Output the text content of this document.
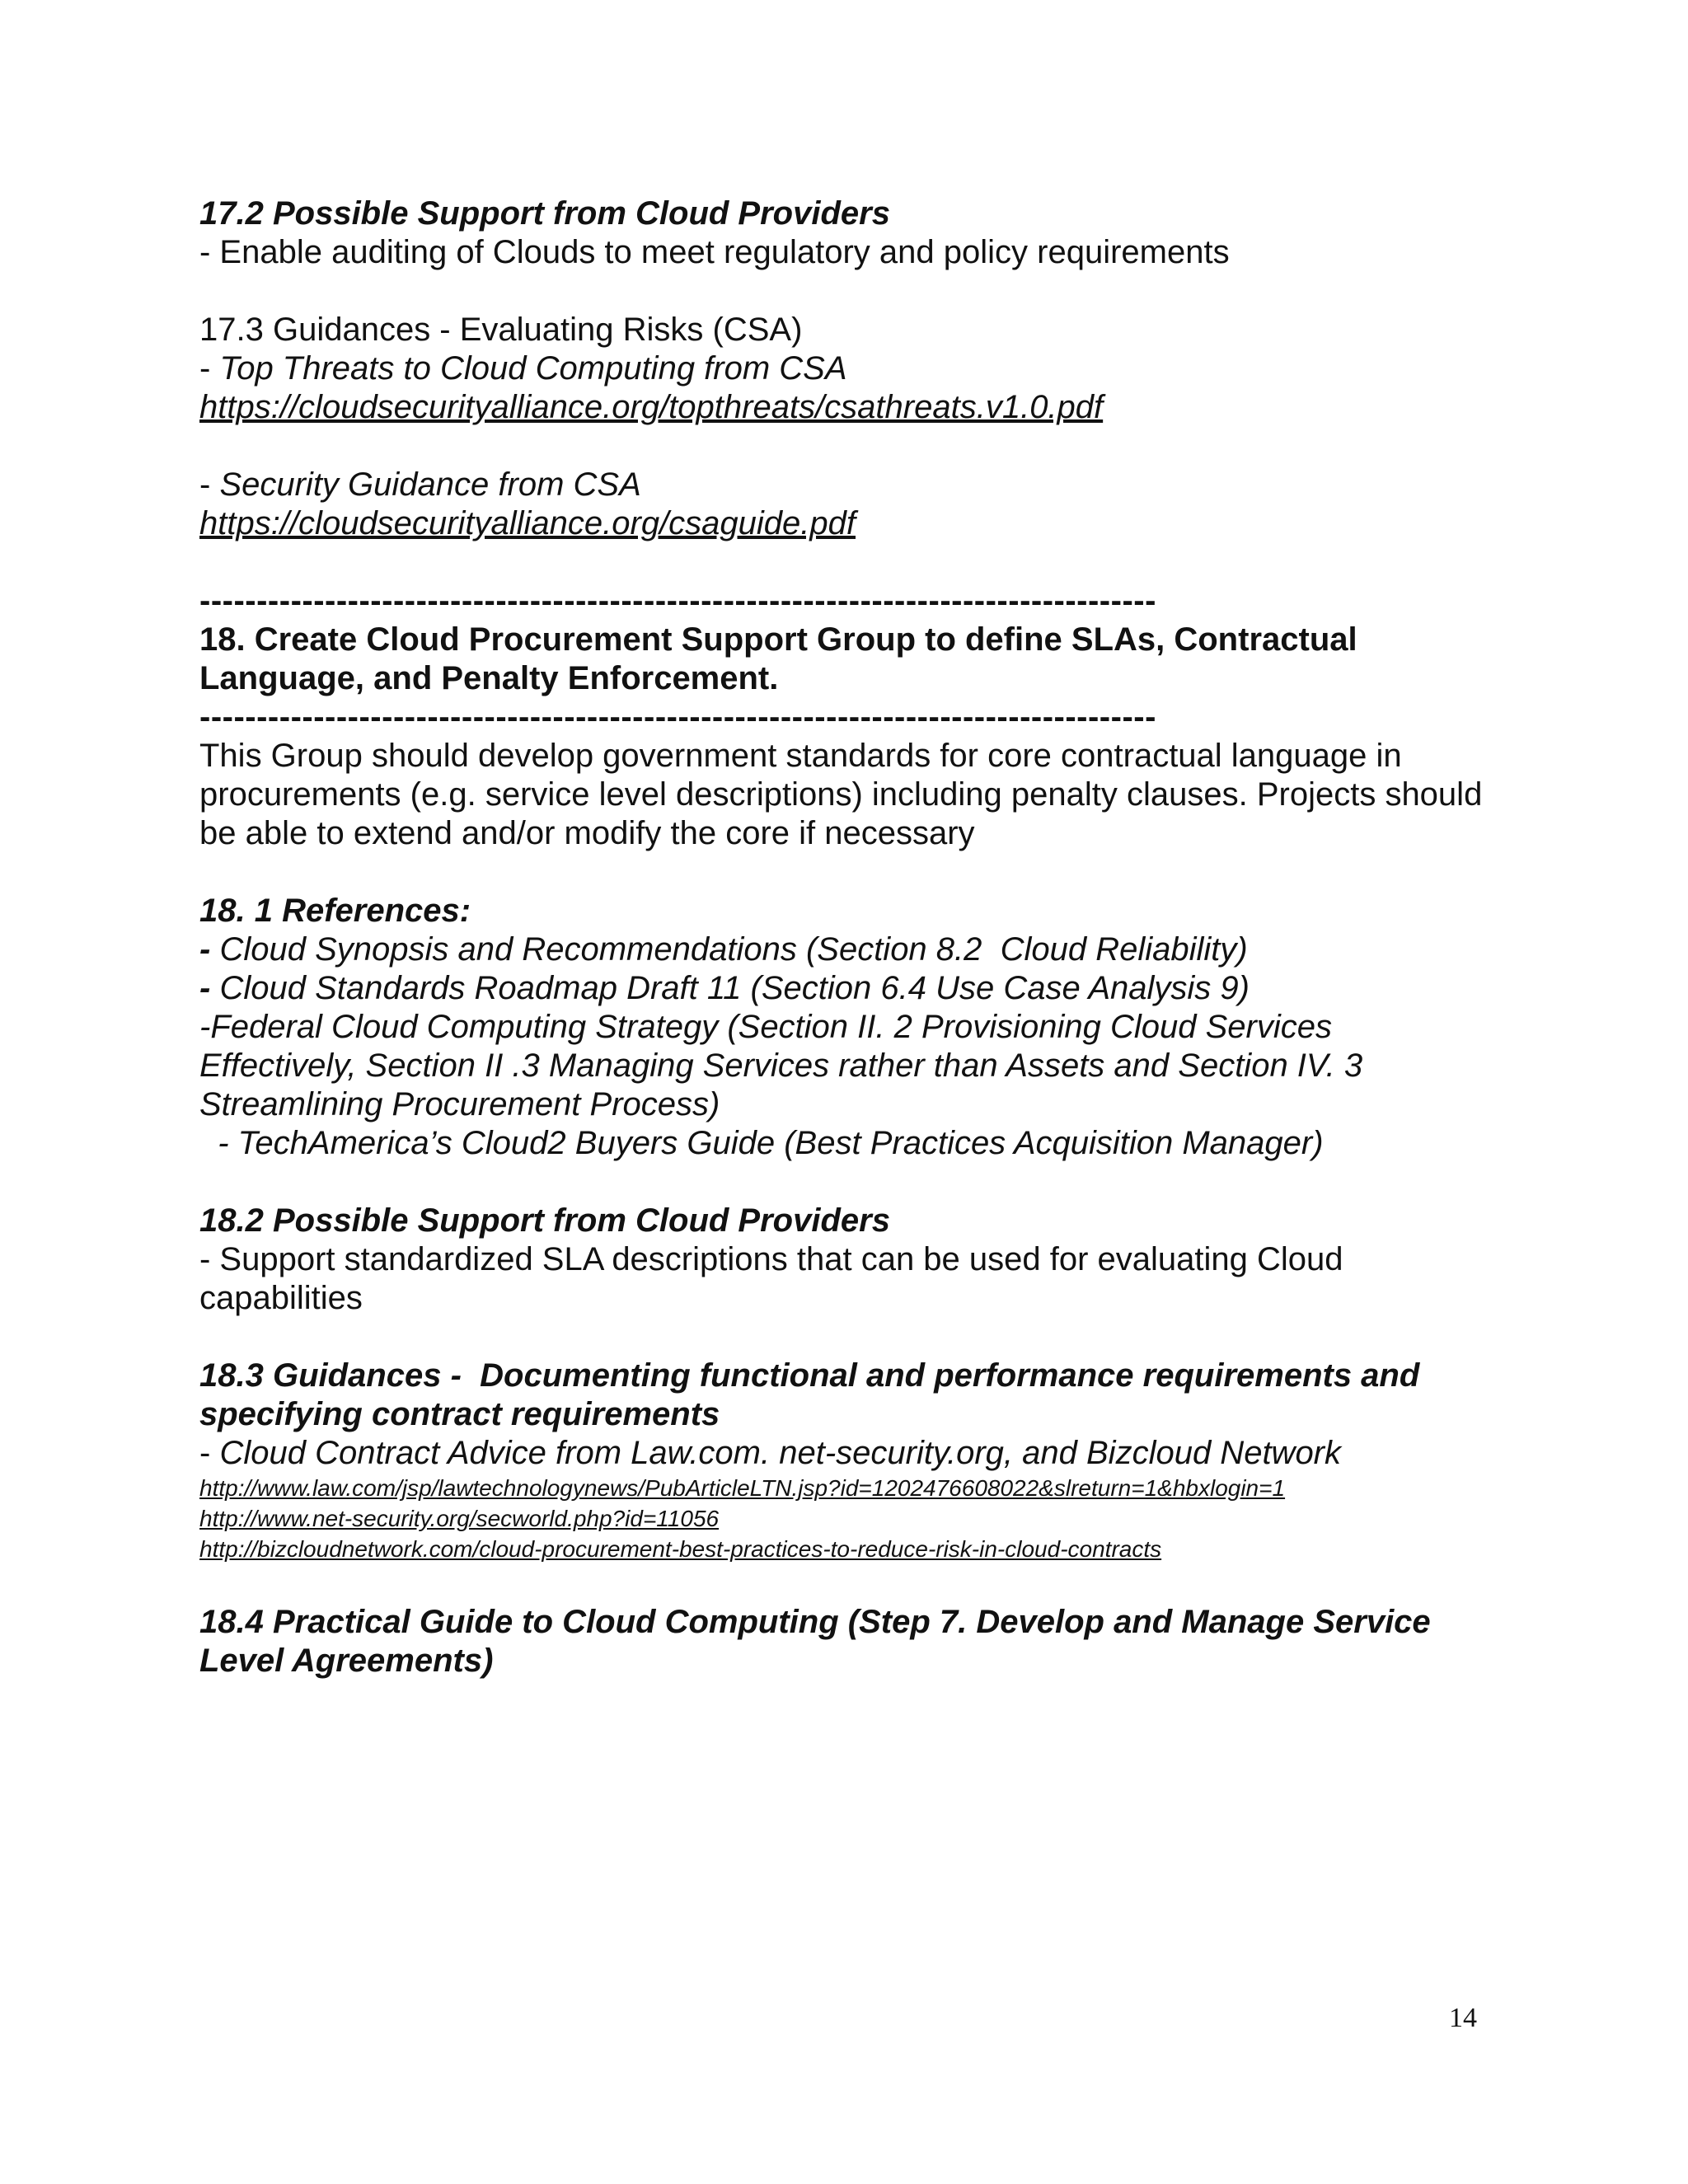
17.2 Possible Support from Cloud Providers

- Enable auditing of Clouds to meet regulatory and policy requirements

17.3 Guidances - Evaluating Risks (CSA)

- Top Threats to Cloud Computing from CSA

https://cloudsecurityalliance.org/topthreats/csathreats.v1.0.pdf

- Security Guidance from CSA

https://cloudsecurityalliance.org/csaguide.pdf

------------------------------------------------------------------------------------

18. Create Cloud Procurement Support Group to define SLAs, Contractual

Language, and Penalty Enforcement.

------------------------------------------------------------------------------------

This Group should develop government standards for core contractual language in

procurements (e.g. service level descriptions) including penalty clauses. Projects should

be able to extend and/or modify the core if necessary

18. 1 References:

- Cloud Synopsis and Recommendations (Section 8.2  Cloud Reliability)

- Cloud Standards Roadmap Draft 11 (Section 6.4 Use Case Analysis 9)

-Federal Cloud Computing Strategy (Section II. 2 Provisioning Cloud Services

Effectively, Section II .3 Managing Services rather than Assets and Section IV. 3

Streamlining Procurement Process)

- TechAmerica’s Cloud2 Buyers Guide (Best Practices Acquisition Manager)

18.2 Possible Support from Cloud Providers

- Support standardized SLA descriptions that can be used for evaluating Cloud

capabilities

18.3 Guidances -  Documenting functional and performance requirements and

specifying contract requirements

- Cloud Contract Advice from Law.com. net-security.org, and Bizcloud Network

http://www.law.com/jsp/lawtechnologynews/PubArticleLTN.jsp?id=1202476608022&slreturn=1&hbxlogin=1
http://www.net-security.org/secworld.php?id=11056
http://bizcloudnetwork.com/cloud-procurement-best-practices-to-reduce-risk-in-cloud-contracts

18.4 Practical Guide to Cloud Computing (Step 7. Develop and Manage Service

Level Agreements)

14
